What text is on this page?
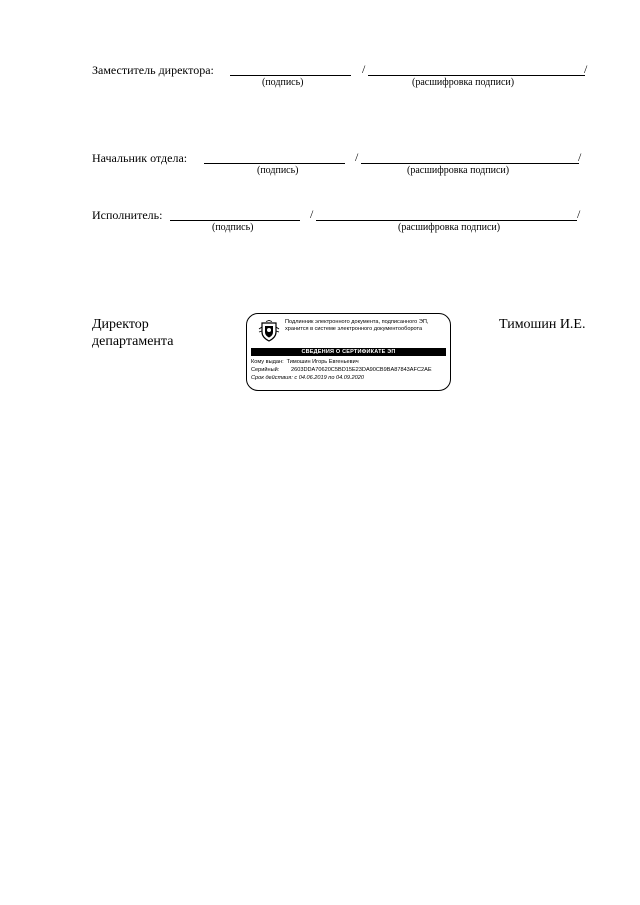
Заместитель директора:	/	/
(подпись)	(расшифровка подписи)
Начальник отдела:	/	/
(подпись)	(расшифровка подписи)
Исполнитель:	/	/
(подпись)	(расшифровка подписи)
Директор
департамента
Тимошин И.Е.
Подлинник электронного документа, подписанного ЭП,
хранится в системе электронного документооборота
СВЕДЕНИЯ О СЕРТИФИКАТЕ ЭП
Кому выдан: Тимошин Игорь Евгеньевич
Серийный: 2603DDA70620C5BD15E23DA90CB9BA87843AFC2AE
Срок действия: с 04.06.2019 по 04.09.2020
